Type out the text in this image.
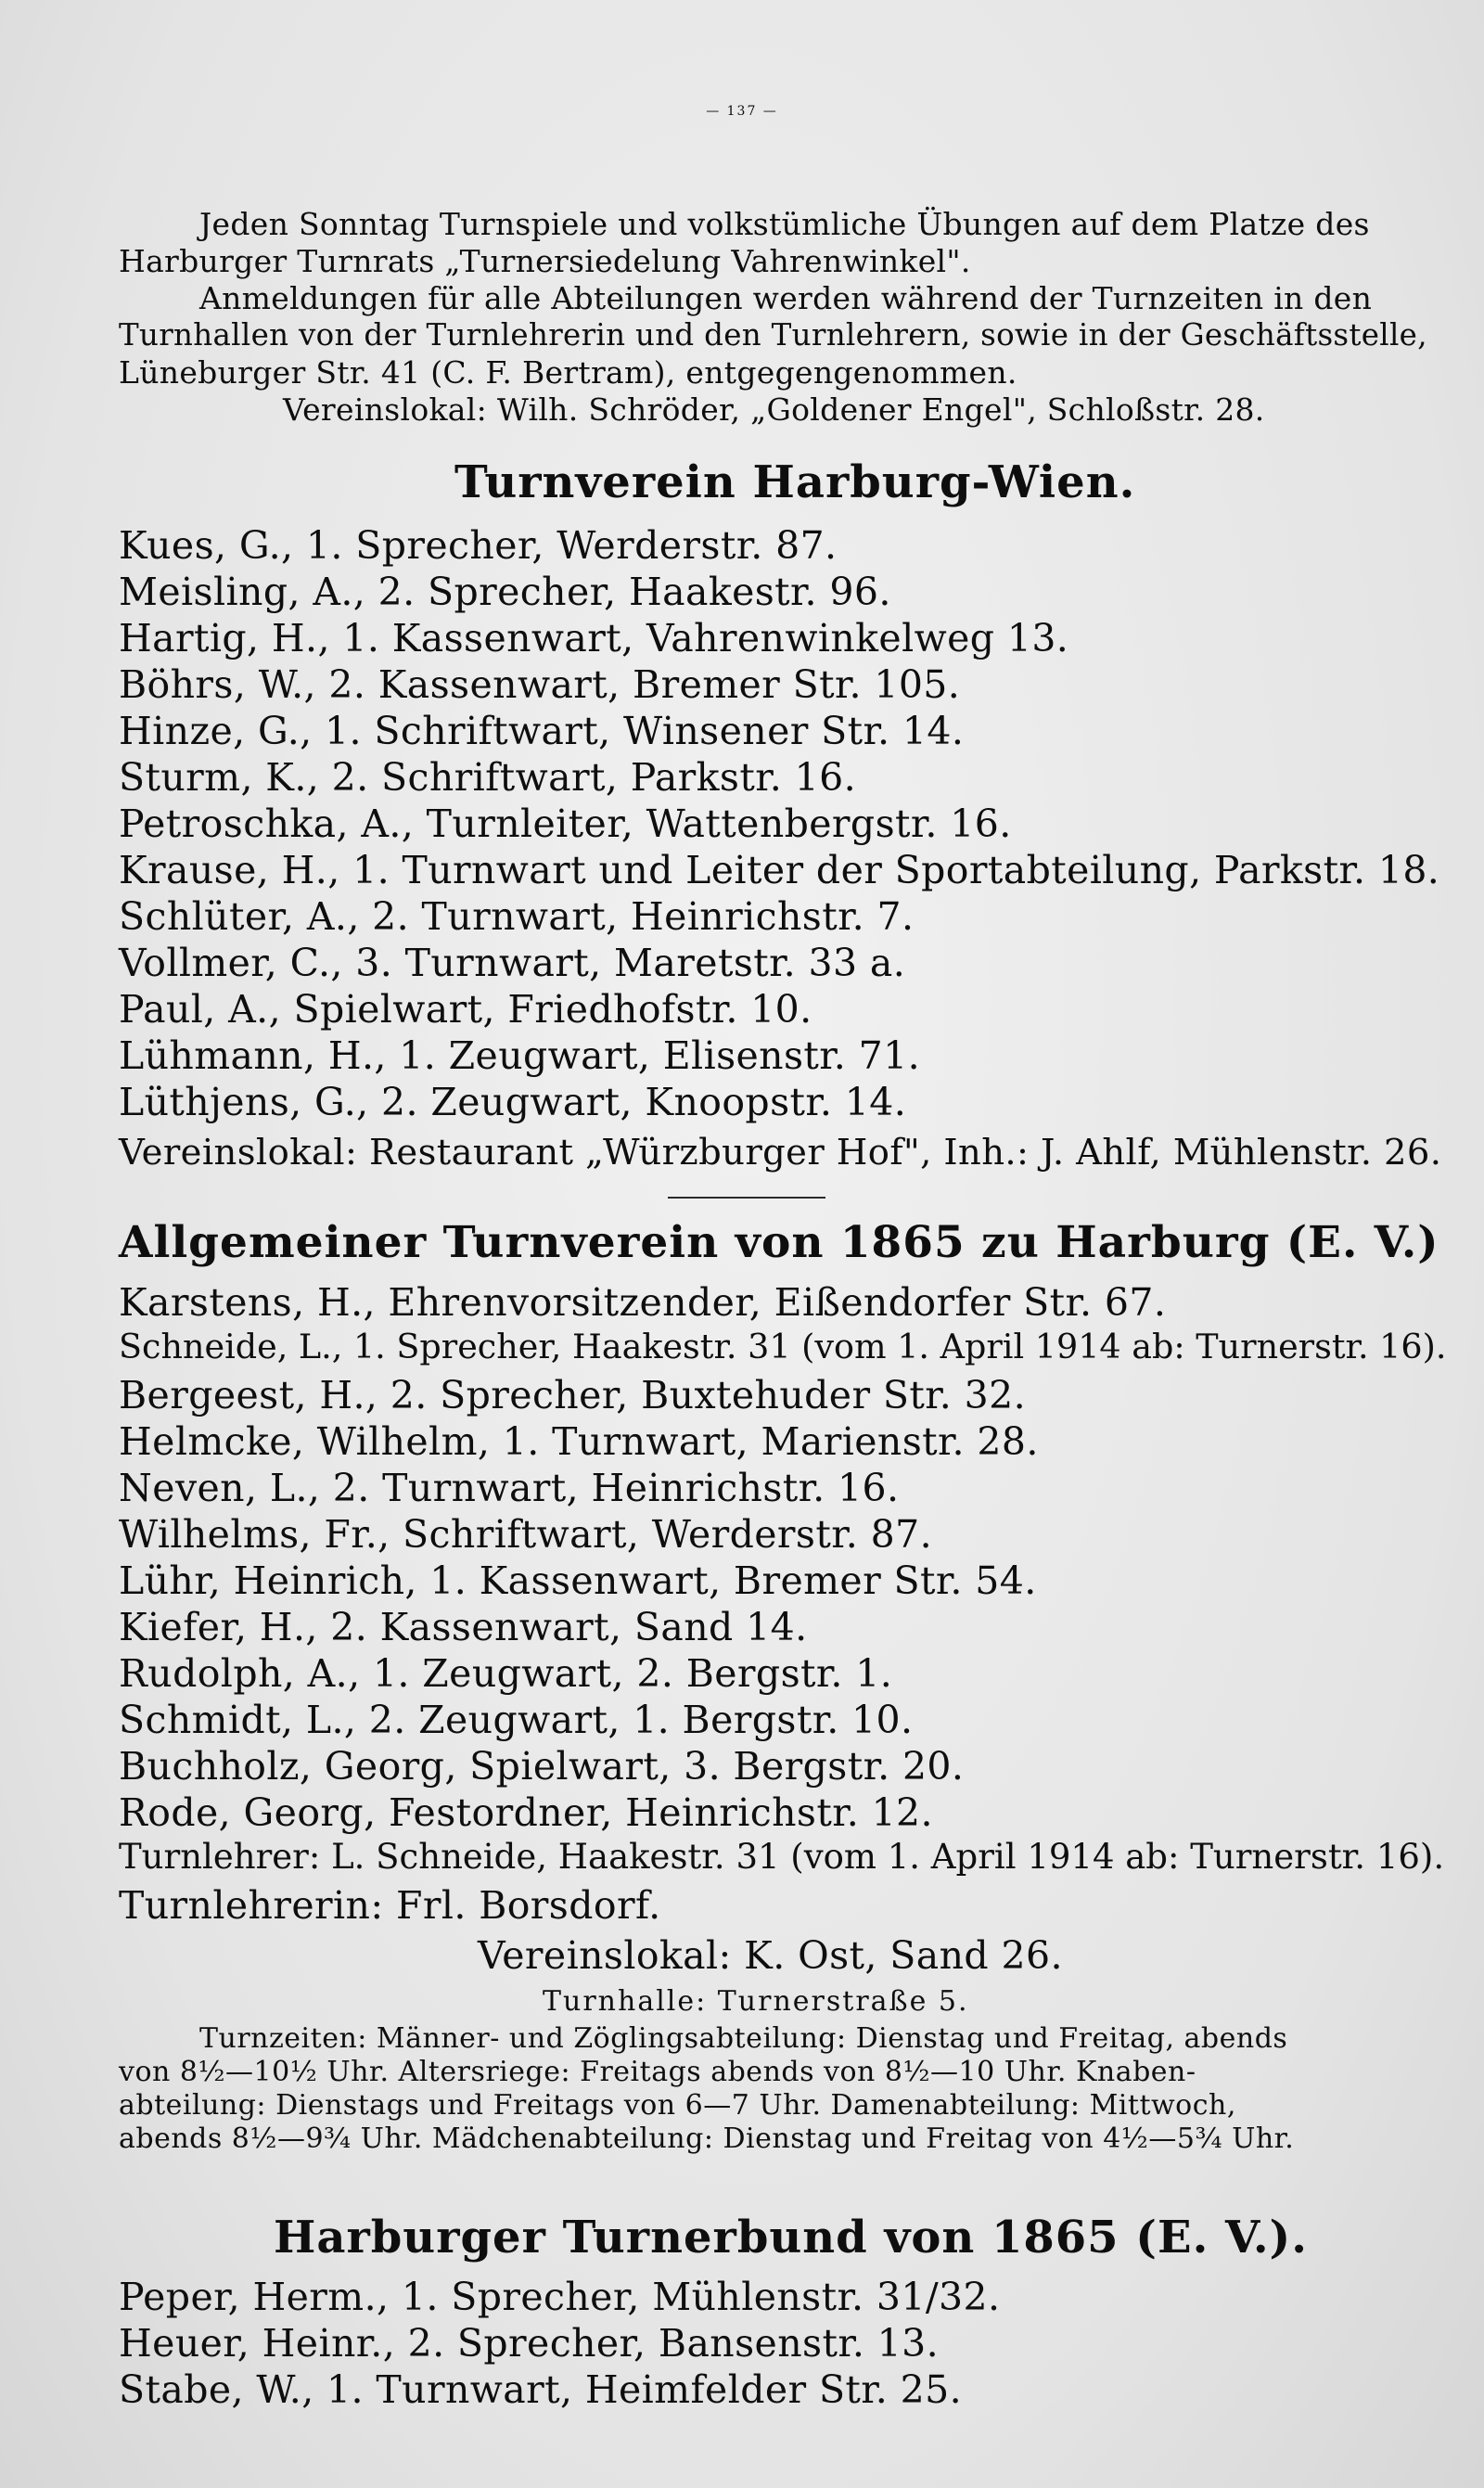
— 137 —
Jeden Sonntag Turnspiele und volkstümliche Übungen auf dem Platze des
Harburger Turnrats „Turnersiedelung Vahrenwinkel".
Anmeldungen für alle Abteilungen werden während der Turnzeiten in den
Turnhallen von der Turnlehrerin und den Turnlehrern, sowie in der Geschäftsstelle,
Lüneburger Str. 41 (C. F. Bertram), entgegengenommen.
Vereinslokal: Wilh. Schröder, „Goldener Engel", Schloßstr. 28.
Turnverein Harburg-Wien.
Kues, G., 1. Sprecher, Werderstr. 87.
Meisling, A., 2. Sprecher, Haakestr. 96.
Hartig, H., 1. Kassenwart, Vahrenwinkelweg 13.
Böhrs, W., 2. Kassenwart, Bremer Str. 105.
Hinze, G., 1. Schriftwart, Winsener Str. 14.
Sturm, K., 2. Schriftwart, Parkstr. 16.
Petroschka, A., Turnleiter, Wattenbergstr. 16.
Krause, H., 1. Turnwart und Leiter der Sportabteilung, Parkstr. 18.
Schlüter, A., 2. Turnwart, Heinrichstr. 7.
Vollmer, C., 3. Turnwart, Maretstr. 33 a.
Paul, A., Spielwart, Friedhofstr. 10.
Lühmann, H., 1. Zeugwart, Elisenstr. 71.
Lüthjens, G., 2. Zeugwart, Knoopstr. 14.
Vereinslokal: Restaurant „Würzburger Hof", Inh.: J. Ahlf, Mühlenstr. 26.
Allgemeiner Turnverein von 1865 zu Harburg (E. V.)
Karstens, H., Ehrenvorsitzender, Eißendorfer Str. 67.
Schneide, L., 1. Sprecher, Haakestr. 31 (vom 1. April 1914 ab: Turnerstr. 16).
Bergeest, H., 2. Sprecher, Buxtehuder Str. 32.
Helmcke, Wilhelm, 1. Turnwart, Marienstr. 28.
Neven, L., 2. Turnwart, Heinrichstr. 16.
Wilhelms, Fr., Schriftwart, Werderstr. 87.
Lühr, Heinrich, 1. Kassenwart, Bremer Str. 54.
Kiefer, H., 2. Kassenwart, Sand 14.
Rudolph, A., 1. Zeugwart, 2. Bergstr. 1.
Schmidt, L., 2. Zeugwart, 1. Bergstr. 10.
Buchholz, Georg, Spielwart, 3. Bergstr. 20.
Rode, Georg, Festordner, Heinrichstr. 12.
Turnlehrer: L. Schneide, Haakestr. 31 (vom 1. April 1914 ab: Turnerstr. 16).
Turnlehrerin: Frl. Borsdorf.
Vereinslokal: K. Ost, Sand 26.
Turnhalle: Turnerstraße 5.
Turnzeiten: Männer- und Zöglingsabteilung: Dienstag und Freitag, abends
von 8½—10½ Uhr. Altersriege: Freitags abends von 8½—10 Uhr. Knaben-
abteilung: Dienstags und Freitags von 6—7 Uhr. Damenabteilung: Mittwoch,
abends 8½—9¾ Uhr. Mädchenabteilung: Dienstag und Freitag von 4½—5¾ Uhr.
Harburger Turnerbund von 1865 (E. V.).
Peper, Herm., 1. Sprecher, Mühlenstr. 31/32.
Heuer, Heinr., 2. Sprecher, Bansenstr. 13.
Stabe, W., 1. Turnwart, Heimfelder Str. 25.
